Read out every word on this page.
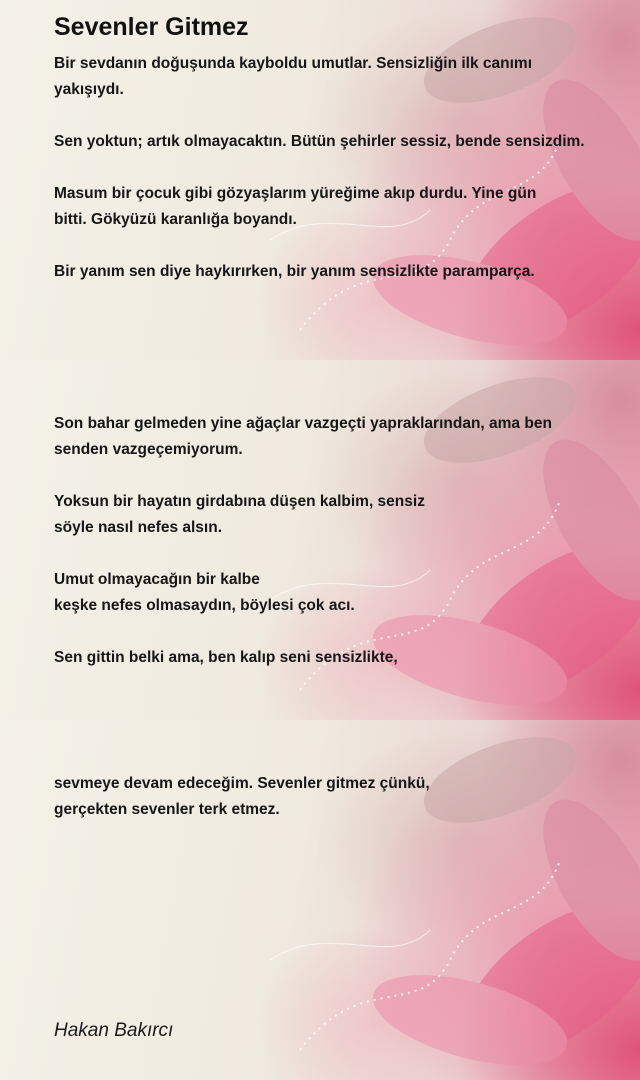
Sevenler Gitmez

Bir sevdanın doğuşunda kayboldu umutlar. Sensizliğin ilk canımı
yakışıydı.

Sen yoktun; artık olmayacaktın. Bütün şehirler sessiz, bende sensizdim.

Masum bir çocuk gibi gözyaşlarım yüreğime akıp durdu. Yine gün
bitti. Gökyüzü karanlığa boyandı.

Bir yanım sen diye haykırırken, bir yanım sensizlikte paramparça.

Son bahar gelmeden yine ağaçlar vazgeçti yapraklarından, ama ben
senden vazgeçemiyorum.

Yoksun bir hayatın girdabına düşen kalbim, sensiz
söyle nasıl nefes alsın.

Umut olmayacağın bir kalbe
keşke nefes olmasaydın, böylesi çok acı.

Sen gittin belki ama, ben kalıp seni sensizlikte,

sevmeye devam edeceğim. Sevenler gitmez çünkü,
gerçekten sevenler terk etmez.

Hakan Bakırcı
